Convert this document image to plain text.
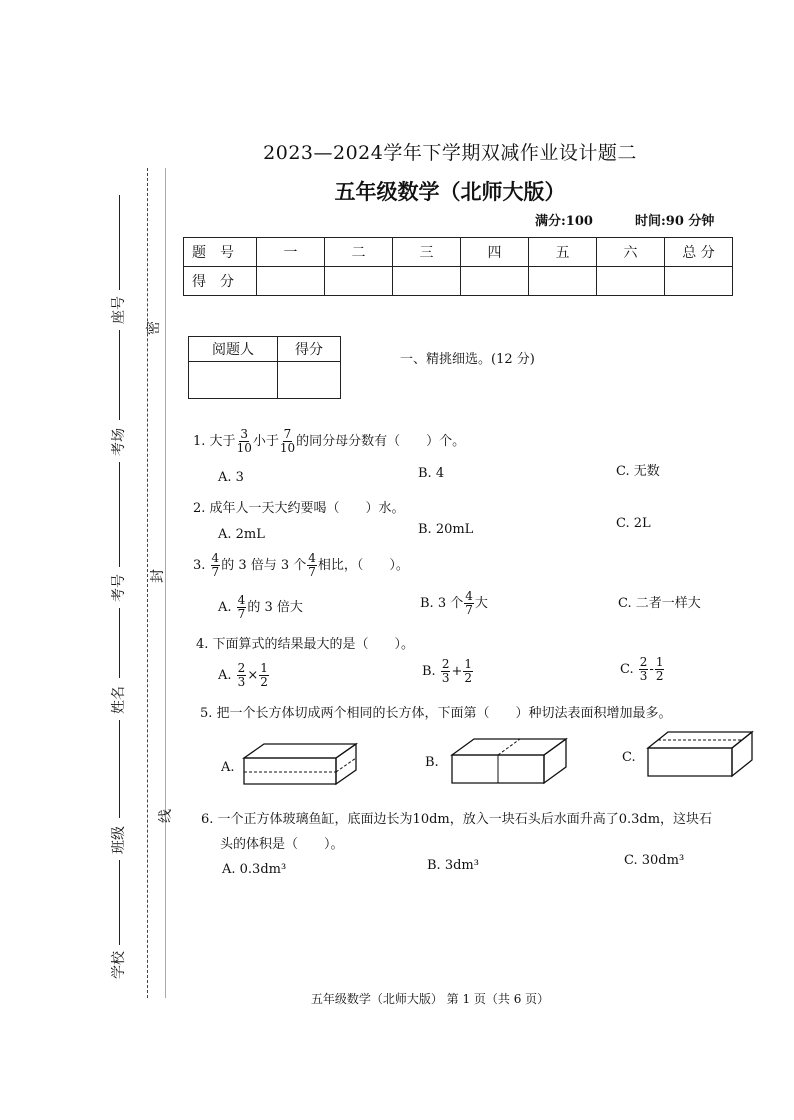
座号
考场
考号
姓名
班级
学校
密
封
线
2023—2024学年下学期双减作业设计题二
五年级数学（北师大版）
满分:100	时间:90 分钟
题号	一	二	三	四	五	六	总 分
得分							
阅题人	得分

一、精挑细选。(12 分)
1. 大于 $\frac{3}{10}$ 小于 $\frac{7}{10}$ 的同分母分数有（　　）个。
A. 3	B. 4	C. 无数
2. 成年人一天大约要喝（　　）水。
A. 2mL	B. 20mL	C. 2L
3. $\frac{4}{7}$ 的 3 倍与 3 个 $\frac{4}{7}$ 相比，（　　）。
A. $\frac{4}{7}$ 的 3 倍大	B. 3 个 $\frac{4}{7}$ 大	C. 二者一样大
4. 下面算式的结果最大的是（　　）。
A. $\frac{2}{3} \times \frac{1}{2}$	B. $\frac{2}{3} + \frac{1}{2}$	C. $\frac{2}{3} - \frac{1}{2}$
5. 把一个长方体切成两个相同的长方体，下面第（　　）种切法表面积增加最多。
A.	B.	C.
6. 一个正方体玻璃鱼缸，底面边长为10dm，放入一块石头后水面升高了0.3dm，这块石
头的体积是（　　）。
A. 0.3dm³	B. 3dm³	C. 30dm³
五年级数学（北师大版） 第 1 页（共 6 页）
